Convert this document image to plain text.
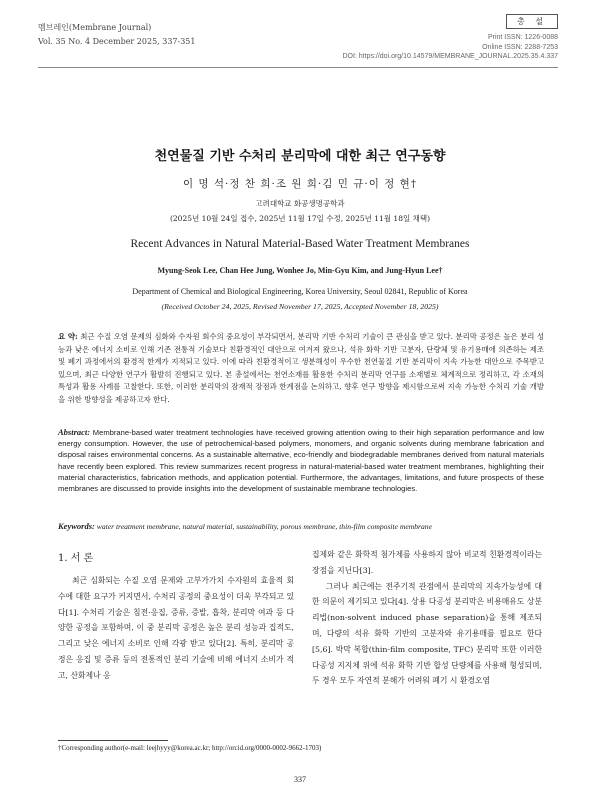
멤브레인(Membrane Journal)
Vol. 35 No. 4 December 2025, 337-351
총 설
Print ISSN: 1226-0088
Online ISSN: 2288-7253
DOI: https://doi.org/10.14579/MEMBRANE_JOURNAL.2025.35.4.337
천연물질 기반 수처리 분리막에 대한 최근 연구동향
이 명 석·정 찬 희·조 원 희·김 민 규·이 정 현†
고려대학교 화공생명공학과
(2025년 10월 24일 접수, 2025년 11월 17일 수정, 2025년 11월 18일 채택)
Recent Advances in Natural Material-Based Water Treatment Membranes
Myung-Seok Lee, Chan Hee Jung, Wonhee Jo, Min-Gyu Kim, and Jung-Hyun Lee†
Department of Chemical and Biological Engineering, Korea University, Seoul 02841, Republic of Korea
(Received October 24, 2025, Revised November 17, 2025, Accepted November 18, 2025)
요 약: 최근 수질 오염 문제의 심화와 수자원 회수의 중요성이 부각되면서, 분리막 기반 수처리 기술이 큰 관심을 받고 있다. 분리막 공정은 높은 분리 성능과 낮은 에너지 소비로 인해 기존 전통적 기술보다 친환경적인 대안으로 여겨져 왔으나, 석유 화학 기반 고분자, 단량체 및 유기용매에 의존하는 제조 및 폐기 과정에서의 환경적 한계가 지적되고 있다. 이에 따라 친환경적이고 생분해성이 우수한 천연물질 기반 분리막이 지속 가능한 대안으로 주목받고 있으며, 최근 다양한 연구가 활발히 진행되고 있다. 본 총설에서는 천연소재를 활용한 수처리 분리막 연구를 소재별로 체계적으로 정리하고, 각 소재의 특성과 활용 사례를 고찰한다. 또한, 이러한 분리막의 잠재적 장점과 한계점을 논의하고, 향후 연구 방향을 제시함으로써 지속 가능한 수처리 기술 개발을 위한 방향성을 제공하고자 한다.
Abstract: Membrane-based water treatment technologies have received growing attention owing to their high separation performance and low energy consumption. However, the use of petrochemical-based polymers, monomers, and organic solvents during membrane fabrication and disposal raises environmental concerns. As a sustainable alternative, eco-friendly and biodegradable membranes derived from natural materials have recently been explored. This review summarizes recent progress in natural-material-based water treatment membranes, highlighting their material characteristics, fabrication methods, and application potential. Furthermore, the advantages, limitations, and future prospects of these membranes are discussed to provide insights into the development of sustainable membrane technologies.
Keywords: water treatment membrane, natural material, sustainability, porous membrane, thin-film composite membrane
1. 서 론

최근 심화되는 수질 오염 문제와 고부가가치 수자원의 효율적 회수에 대한 요구가 커지면서, 수처리 공정의 중요성이 더욱 부각되고 있다[1]. 수처리 기술은 침전·응집, 증류, 증발, 흡착, 분리막 여과 등 다양한 공정을 포함하며, 이 중 분리막 공정은 높은 분리 성능과 집적도, 그리고 낮은 에너지 소비로 인해 각광 받고 있다[2]. 특히, 분리막 공정은 응집 및 증류 등의 전통적인 분리 기술에 비해 에너지 소비가 적고, 산화제나 응

집제와 같은 화학적 첨가제를 사용하지 않아 비교적 친환경적이라는 장점을 지닌다[3].

그러나 최근에는 전주기적 관점에서 분리막의 지속가능성에 대한 의문이 제기되고 있다[4]. 상용 다공성 분리막은 비용매유도 상분리법(non-solvent induced phase separation)을 통해 제조되며, 다량의 석유 화학 기반의 고분자와 유기용매를 필요로 한다[5,6]. 박막 복합(thin-film composite, TFC) 분리막 또한 이러한 다공성 지지체 위에 석유 화학 기반 합성 단량체를 사용해 형성되며, 두 경우 모두 자연적 분해가 어려워 폐기 시 환경오염

†Corresponding author(e-mail: leejhyyy@korea.ac.kr; http://orcid.org/0000-0002-9662-1703)
337
